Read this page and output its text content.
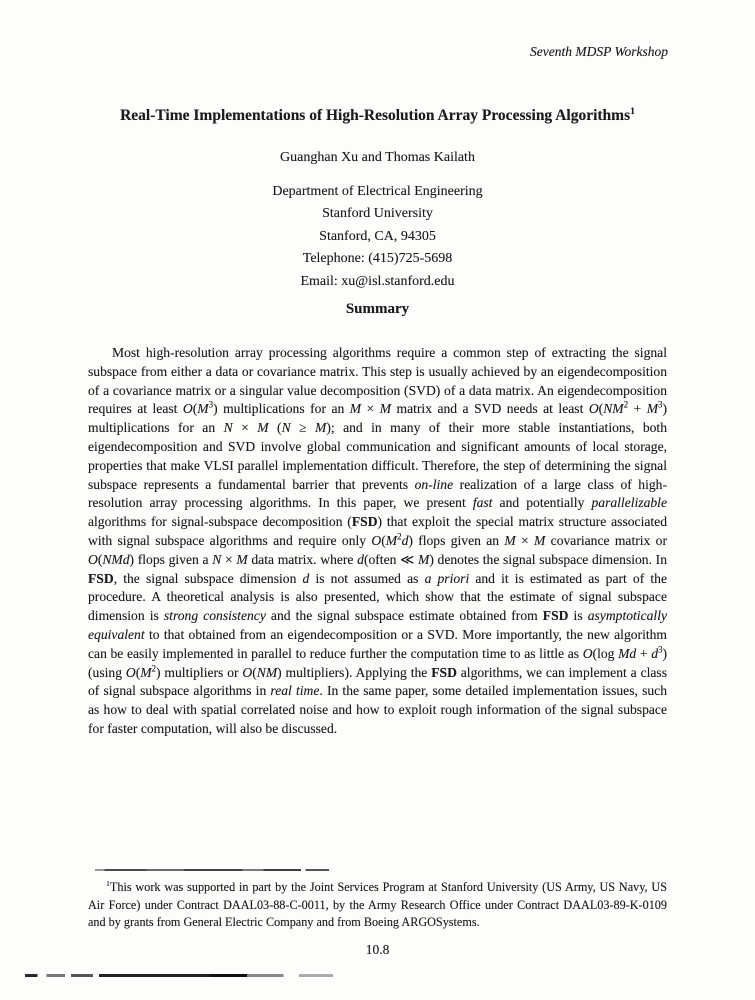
Seventh MDSP Workshop
Real-Time Implementations of High-Resolution Array Processing Algorithms$^1$
Guanghan Xu and Thomas Kailath
Department of Electrical Engineering
Stanford University
Stanford, CA, 94305
Telephone: (415)725-5698
Email: xu@isl.stanford.edu
Summary

Most high-resolution array processing algorithms require a common step of extracting the signal subspace from either a data or covariance matrix. This step is usually achieved by an eigendecomposition of a covariance matrix or a singular value decomposition (SVD) of a data matrix. An eigendecomposition requires at least $O(M^3)$ multiplications for an M × M matrix and a SVD needs at least $O(NM^2 + M^3)$ multiplications for an N × M (N ≥ M); and in many of their more stable instantiations, both eigendecomposition and SVD involve global communication and significant amounts of local storage, properties that make VLSI parallel implementation difficult. Therefore, the step of determining the signal subspace represents a fundamental barrier that prevents on-line realization of a large class of high-resolution array processing algorithms. In this paper, we present fast and potentially parallelizable algorithms for signal-subspace decomposition (FSD) that exploit the special matrix structure associated with signal subspace algorithms and require only $O(M^2d)$ flops given an M × M covariance matrix or O(NMd) flops given a N × M data matrix. where d(often ≪ M) denotes the signal subspace dimension. In FSD, the signal subspace dimension d is not assumed as a priori and it is estimated as part of the procedure. A theoretical analysis is also presented, which show that the estimate of signal subspace dimension is strong consistency and the signal subspace estimate obtained from FSD is asymptotically equivalent to that obtained from an eigendecomposition or a SVD. More importantly, the new algorithm can be easily implemented in parallel to reduce further the computation time to as little as O(log $Md + d^3$) (using $O(M^2)$ multipliers or O(NM) multipliers). Applying the FSD algorithms, we can implement a class of signal subspace algorithms in real time. In the same paper, some detailed implementation issues, such as how to deal with spatial correlated noise and how to exploit rough information of the signal subspace for faster computation, will also be discussed.

$^1$This work was supported in part by the Joint Services Program at Stanford University (US Army, US Navy, US Air Force) under Contract DAAL03-88-C-0011, by the Army Research Office under Contract DAAL03-89-K-0109 and by grants from General Electric Company and from Boeing ARGOSystems.

10.8
